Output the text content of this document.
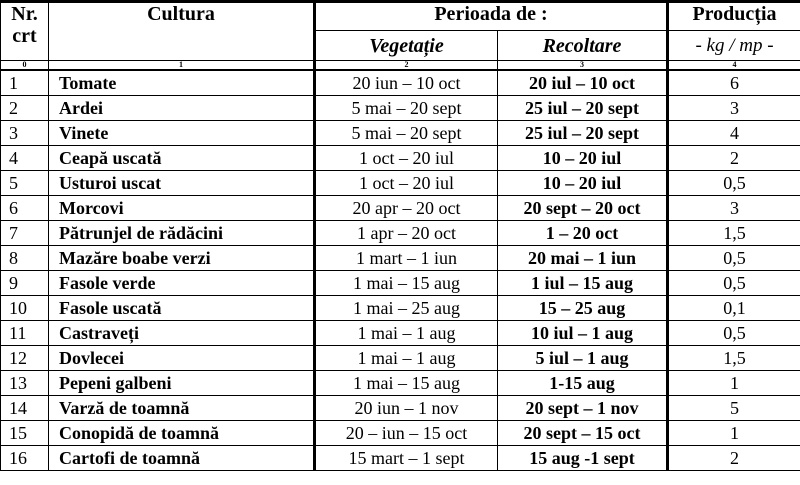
Nr.
crt	Cultura	Perioada de :		Producția
		Vegetație	Recoltare	- kg / mp -
0	1	2	3	4
1	Tomate	20 iun – 10 oct	20 iul – 10 oct	6
2	Ardei	5 mai – 20 sept	25 iul – 20 sept	3
3	Vinete	5 mai – 20 sept	25 iul – 20 sept	4
4	Ceapă uscată	1 oct – 20 iul	10 – 20 iul	2
5	Usturoi uscat	1 oct – 20 iul	10 – 20 iul	0,5
6	Morcovi	20 apr – 20 oct	20 sept – 20 oct	3
7	Pătrunjel de rădăcini	1 apr – 20 oct	1 – 20 oct	1,5
8	Mazăre boabe verzi	1 mart – 1 iun	20 mai – 1 iun	0,5
9	Fasole verde	1 mai – 15 aug	1 iul – 15 aug	0,5
10	Fasole uscată	1 mai – 25 aug	15 – 25 aug	0,1
11	Castraveți	1 mai – 1 aug	10 iul – 1 aug	0,5
12	Dovlecei	1 mai – 1 aug	5 iul – 1 aug	1,5
13	Pepeni galbeni	1 mai – 15 aug	1-15 aug	1
14	Varză de toamnă	20 iun – 1 nov	20 sept – 1 nov	5
15	Conopidă de toamnă	20 – iun – 15 oct	20 sept – 15 oct	1
16	Cartofi de toamnă	15 mart – 1 sept	15 aug -1 sept	2
